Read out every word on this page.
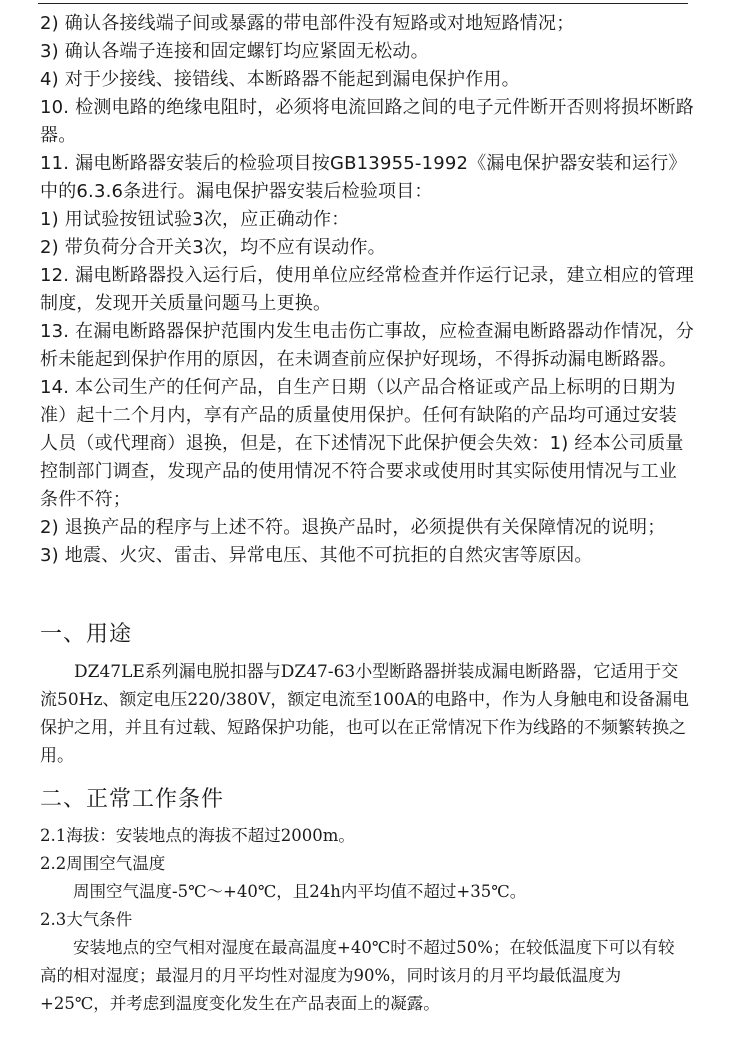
2) 确认各接线端子间或暴露的带电部件没有短路或对地短路情况；

3) 确认各端子连接和固定螺钉均应紧固无松动。

4) 对于少接线、接错线、本断路器不能起到漏电保护作用。

10. 检测电路的绝缘电阻时，必须将电流回路之间的电子元件断开否则将损坏断路器。

11. 漏电断路器安装后的检验项目按GB13955-1992《漏电保护器安装和运行》中的6.3.6条进行。漏电保护器安装后检验项目：

1) 用试验按钮试验3次，应正确动作：

2) 带负荷分合开关3次，均不应有误动作。

12. 漏电断路器投入运行后，使用单位应经常检查并作运行记录，建立相应的管理制度，发现开关质量问题马上更换。

13. 在漏电断路器保护范围内发生电击伤亡事故，应检查漏电断路器动作情况，分析未能起到保护作用的原因，在未调查前应保护好现场，不得拆动漏电断路器。

14. 本公司生产的任何产品，自生产日期（以产品合格证或产品上标明的日期为准）起十二个月内，享有产品的质量使用保护。任何有缺陷的产品均可通过安装人员（或代理商）退换，但是，在下述情况下此保护便会失效：1) 经本公司质量控制部门调查，发现产品的使用情况不符合要求或使用时其实际使用情况与工业条件不符；

2) 退换产品的程序与上述不符。退换产品时，必须提供有关保障情况的说明；

3) 地震、火灾、雷击、异常电压、其他不可抗拒的自然灾害等原因。

一、用途

DZ47LE系列漏电脱扣器与DZ47-63小型断路器拼装成漏电断路器，它适用于交流50Hz、额定电压220/380V，额定电流至100A的电路中，作为人身触电和设备漏电保护之用，并且有过载、短路保护功能，也可以在正常情况下作为线路的不频繁转换之用。

二、正常工作条件

2.1海拔：安装地点的海拔不超过2000m。

2.2周围空气温度

周围空气温度-5℃～+40℃，且24h内平均值不超过+35℃。

2.3大气条件

安装地点的空气相对湿度在最高温度+40℃时不超过50%；在较低温度下可以有较高的相对湿度；最湿月的月平均性对湿度为90%，同时该月的月平均最低温度为+25℃，并考虑到温度变化发生在产品表面上的凝露。
